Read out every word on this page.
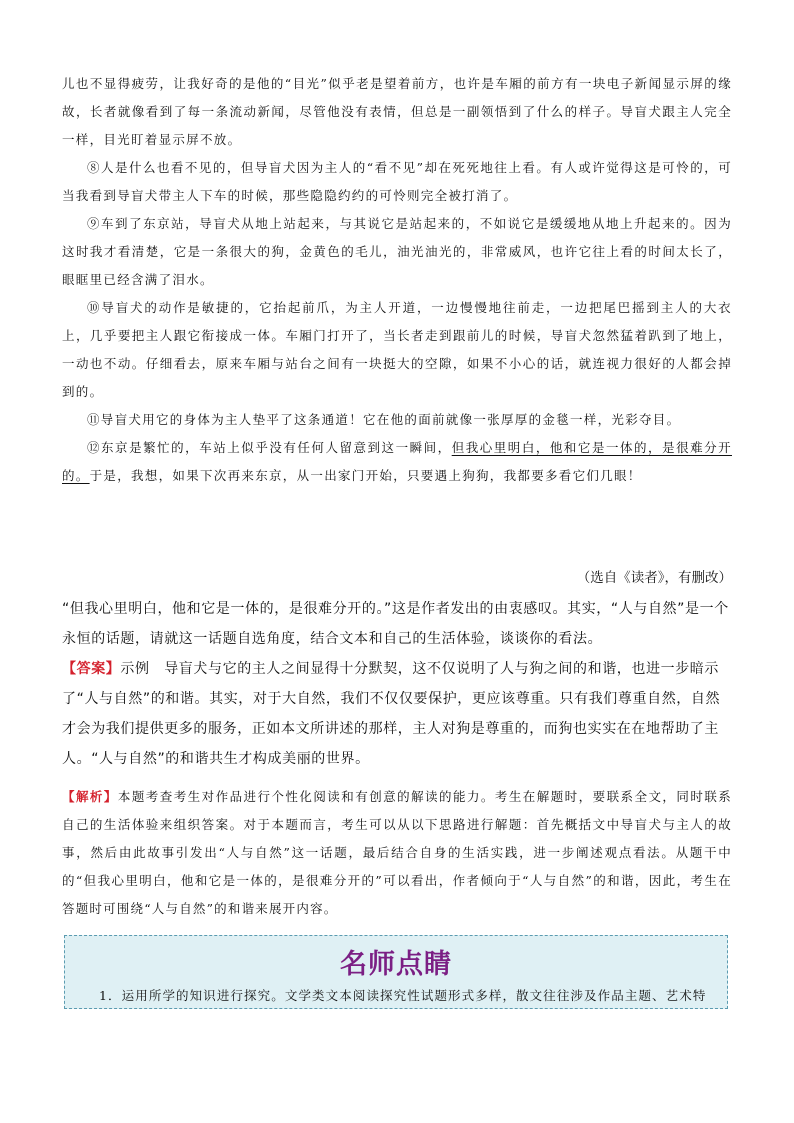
儿也不显得疲劳，让我好奇的是他的“目光”似乎老是望着前方，也许是车厢的前方有一块电子新闻显示屏的缘故，长者就像看到了每一条流动新闻，尽管他没有表情，但总是一副领悟到了什么的样子。导盲犬跟主人完全一样，目光盯着显示屏不放。

⑧人是什么也看不见的，但导盲犬因为主人的“看不见”却在死死地往上看。有人或许觉得这是可怜的，可当我看到导盲犬带主人下车的时候，那些隐隐约约的可怜则完全被打消了。

⑨车到了东京站，导盲犬从地上站起来，与其说它是站起来的，不如说它是缓缓地从地上升起来的。因为这时我才看清楚，它是一条很大的狗，金黄色的毛儿，油光油光的，非常威风，也许它往上看的时间太长了，眼眶里已经含满了泪水。

⑩导盲犬的动作是敏捷的，它抬起前爪，为主人开道，一边慢慢地往前走，一边把尾巴摇到主人的大衣上，几乎要把主人跟它衔接成一体。车厢门打开了，当长者走到跟前儿的时候，导盲犬忽然猛着趴到了地上，一动也不动。仔细看去，原来车厢与站台之间有一块挺大的空隙，如果不小心的话，就连视力很好的人都会掉到的。

⑪导盲犬用它的身体为主人垫平了这条通道！它在他的面前就像一张厚厚的金毯一样，光彩夺目。

⑫东京是繁忙的，车站上似乎没有任何人留意到这一瞬间，但我心里明白，他和它是一体的，是很难分开的。于是，我想，如果下次再来东京，从一出家门开始，只要遇上狗狗，我都要多看它们几眼！

（选自《读者》，有删改）

“但我心里明白，他和它是一体的，是很难分开的。”这是作者发出的由衷感叹。其实，“人与自然”是一个永恒的话题，请就这一话题自选角度，结合文本和自己的生活体验，谈谈你的看法。

【答案】示例　导盲犬与它的主人之间显得十分默契，这不仅说明了人与狗之间的和谐，也进一步暗示了“人与自然”的和谐。其实，对于大自然，我们不仅仅要保护，更应该尊重。只有我们尊重自然，自然才会为我们提供更多的服务，正如本文所讲述的那样，主人对狗是尊重的，而狗也实实在在地帮助了主人。“人与自然”的和谐共生才构成美丽的世界。

【解析】本题考查考生对作品进行个性化阅读和有创意的解读的能力。考生在解题时，要联系全文，同时联系自己的生活体验来组织答案。对于本题而言，考生可以从以下思路进行解题：首先概括文中导盲犬与主人的故事，然后由此故事引发出“人与自然”这一话题，最后结合自身的生活实践，进一步阐述观点看法。从题干中的“但我心里明白，他和它是一体的，是很难分开的”可以看出，作者倾向于“人与自然”的和谐，因此，考生在答题时可围绕“人与自然”的和谐来展开内容。

名师点睛
1．运用所学的知识进行探究。文学类文本阅读探究性试题形式多样，散文往往涉及作品主题、艺术特
